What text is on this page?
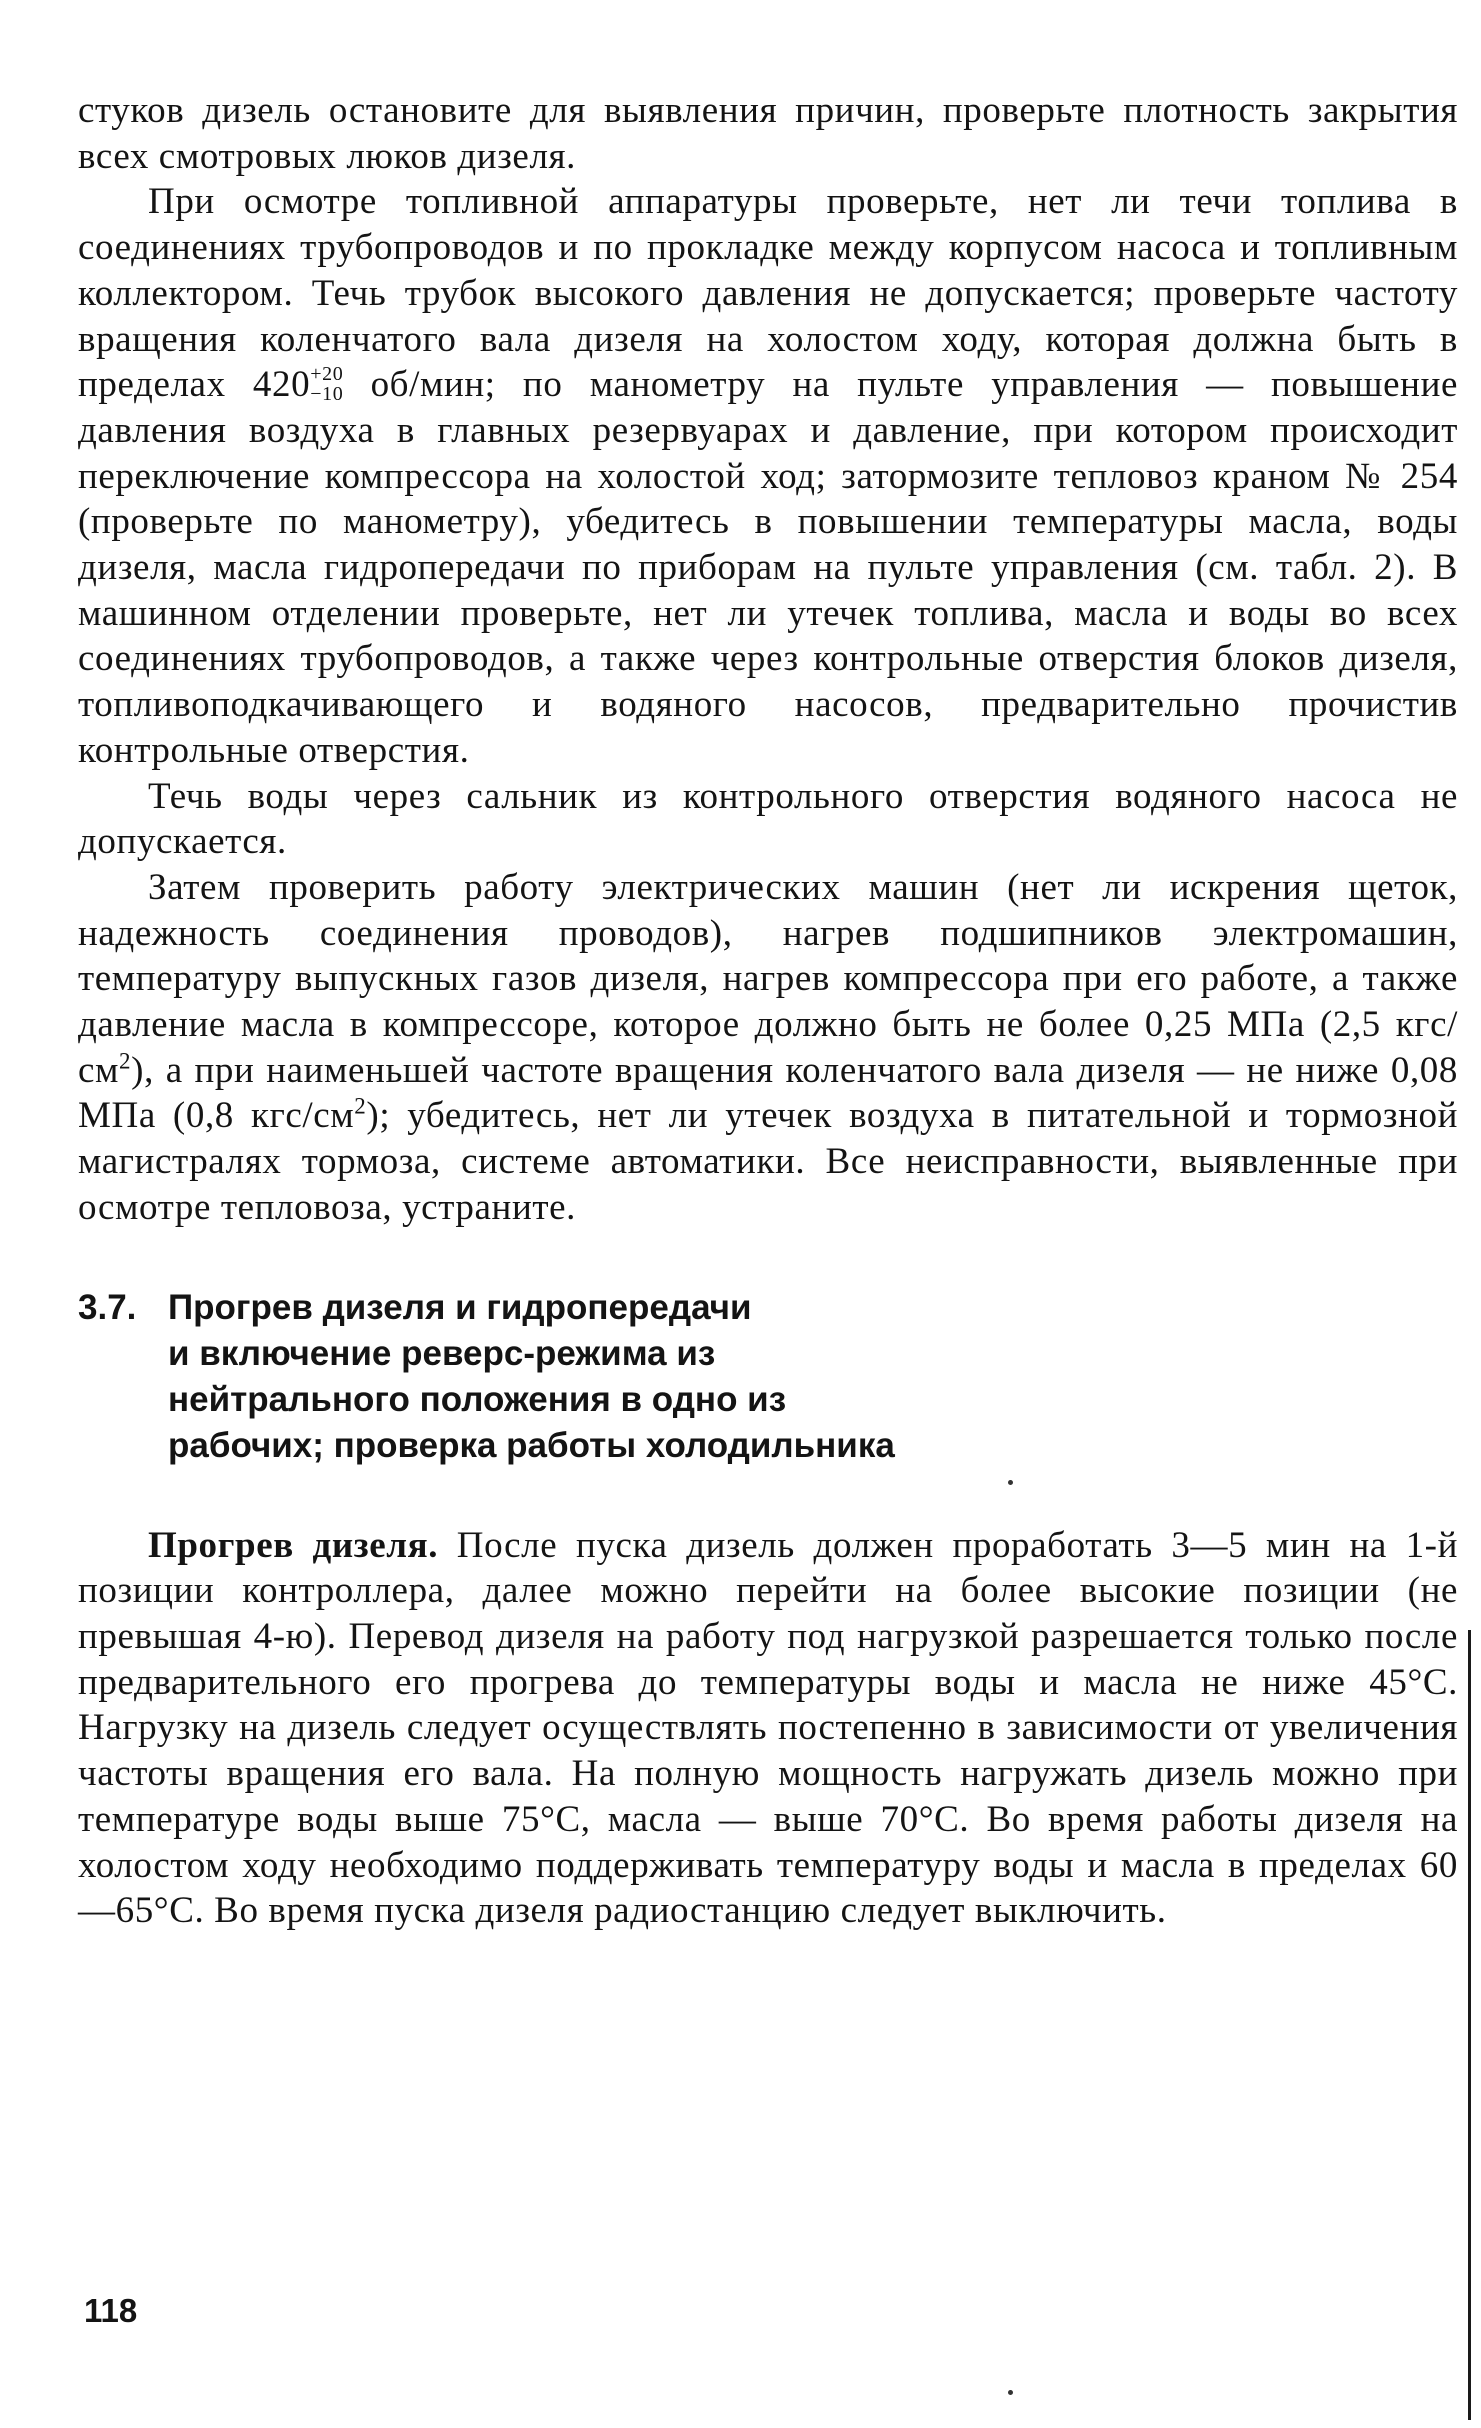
стуков дизель остановите для выявления причин, проверьте плотность закрытия всех смотровых люков дизеля.

При осмотре топливной аппаратуры проверьте, нет ли течи топлива в соединениях трубопроводов и по прокладке между корпусом насоса и топливным коллектором. Течь трубок высокого давления не допускается; проверьте частоту вращения коленчатого вала дизеля на холостом ходу, которая должна быть в пределах 420 +20
−10 об/мин; по манометру на пульте управления — повышение давления воздуха в главных резервуарах и давление, при котором происходит переключение компрессора на холостой ход; затормозите тепловоз краном № 254 (проверьте по манометру), убедитесь в повышении температуры масла, воды дизеля, масла гидропередачи по приборам на пульте управления (см. табл. 2). В машинном отделении проверьте, нет ли утечек топлива, масла и воды во всех соединениях трубопроводов, а также через контрольные отверстия блоков дизеля, топливоподкачивающего и водяного насосов, предварительно прочистив контрольные отверстия.

Течь воды через сальник из контрольного отверстия водяного насоса не допускается.

Затем проверить работу электрических машин (нет ли искрения щеток, надежность соединения проводов), нагрев подшипников электромашин, температуру выпускных газов дизеля, нагрев компрессора при его работе, а также давление масла в компрессоре, которое должно быть не более 0,25 МПа (2,5 кгс/$см^2$), а при наименьшей частоте вращения коленчатого вала дизеля — не ниже 0,08 МПа (0,8 кгс/$см^2$); убедитесь, нет ли утечек воздуха в питательной и тормозной магистралях тормоза, системе автоматики. Все неисправности, выявленные при осмотре тепловоза, устраните.

3.7. Прогрев дизеля и гидропередачи
и включение реверс-режима из
нейтрального положения в одно из
рабочих; проверка работы холодильника

Прогрев дизеля. После пуска дизель должен проработать 3—5 мин на 1-й позиции контроллера, далее можно перейти на более высокие позиции (не превышая 4-ю). Перевод дизеля на работу под нагрузкой разрешается только после предварительного его прогрева до температуры воды и масла не ниже 45°С. Нагрузку на дизель следует осуществлять постепенно в зависимости от увеличения частоты вращения его вала. На полную мощность нагружать дизель можно при температуре воды выше 75°С, масла — выше 70°С. Во время работы дизеля на холостом ходу необходимо поддерживать температуру воды и масла в пределах 60—65°С. Во время пуска дизеля радиостанцию следует выключить.

118
